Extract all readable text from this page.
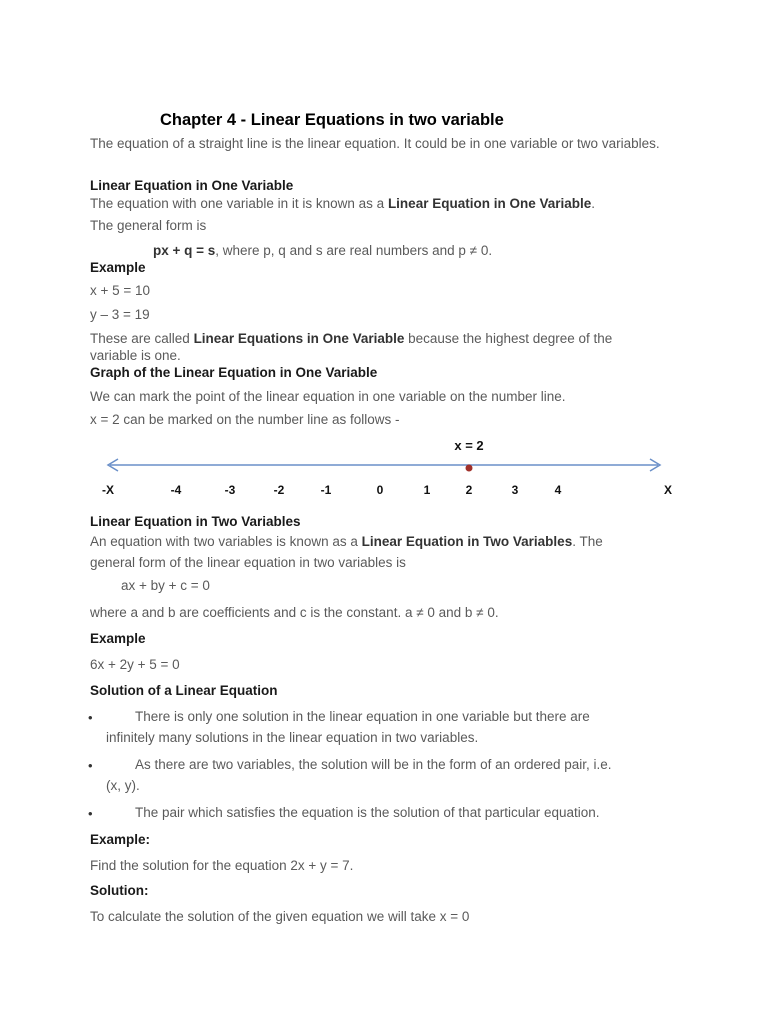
Chapter 4 - Linear Equations in two variable
The equation of a straight line is the linear equation. It could be in one variable or two variables.
Linear Equation in One Variable
The equation with one variable in it is known as a Linear Equation in One Variable.
The general form is
px + q = s, where p, q and s are real numbers and p ≠ 0.
Example
x + 5 = 10
y – 3 = 19
These are called Linear Equations in One Variable because the highest degree of the
variable is one.
Graph of the Linear Equation in One Variable
We can mark the point of the linear equation in one variable on the number line.
x = 2 can be marked on the number line as follows -
x = 2
-X	-4	-3	-2	-1	0	1	2	3	4	X
Linear Equation in Two Variables
An equation with two variables is known as a Linear Equation in Two Variables. The
general form of the linear equation in two variables is
ax + by + c = 0
where a and b are coefficients and c is the constant. a ≠ 0 and b ≠ 0.
Example
6x + 2y + 5 = 0
Solution of a Linear Equation
•	There is only one solution in the linear equation in one variable but there are
infinitely many solutions in the linear equation in two variables.
•	As there are two variables, the solution will be in the form of an ordered pair, i.e.
(x, y).
•	The pair which satisfies the equation is the solution of that particular equation.
Example:
Find the solution for the equation 2x + y = 7.
Solution:
To calculate the solution of the given equation we will take x = 0
